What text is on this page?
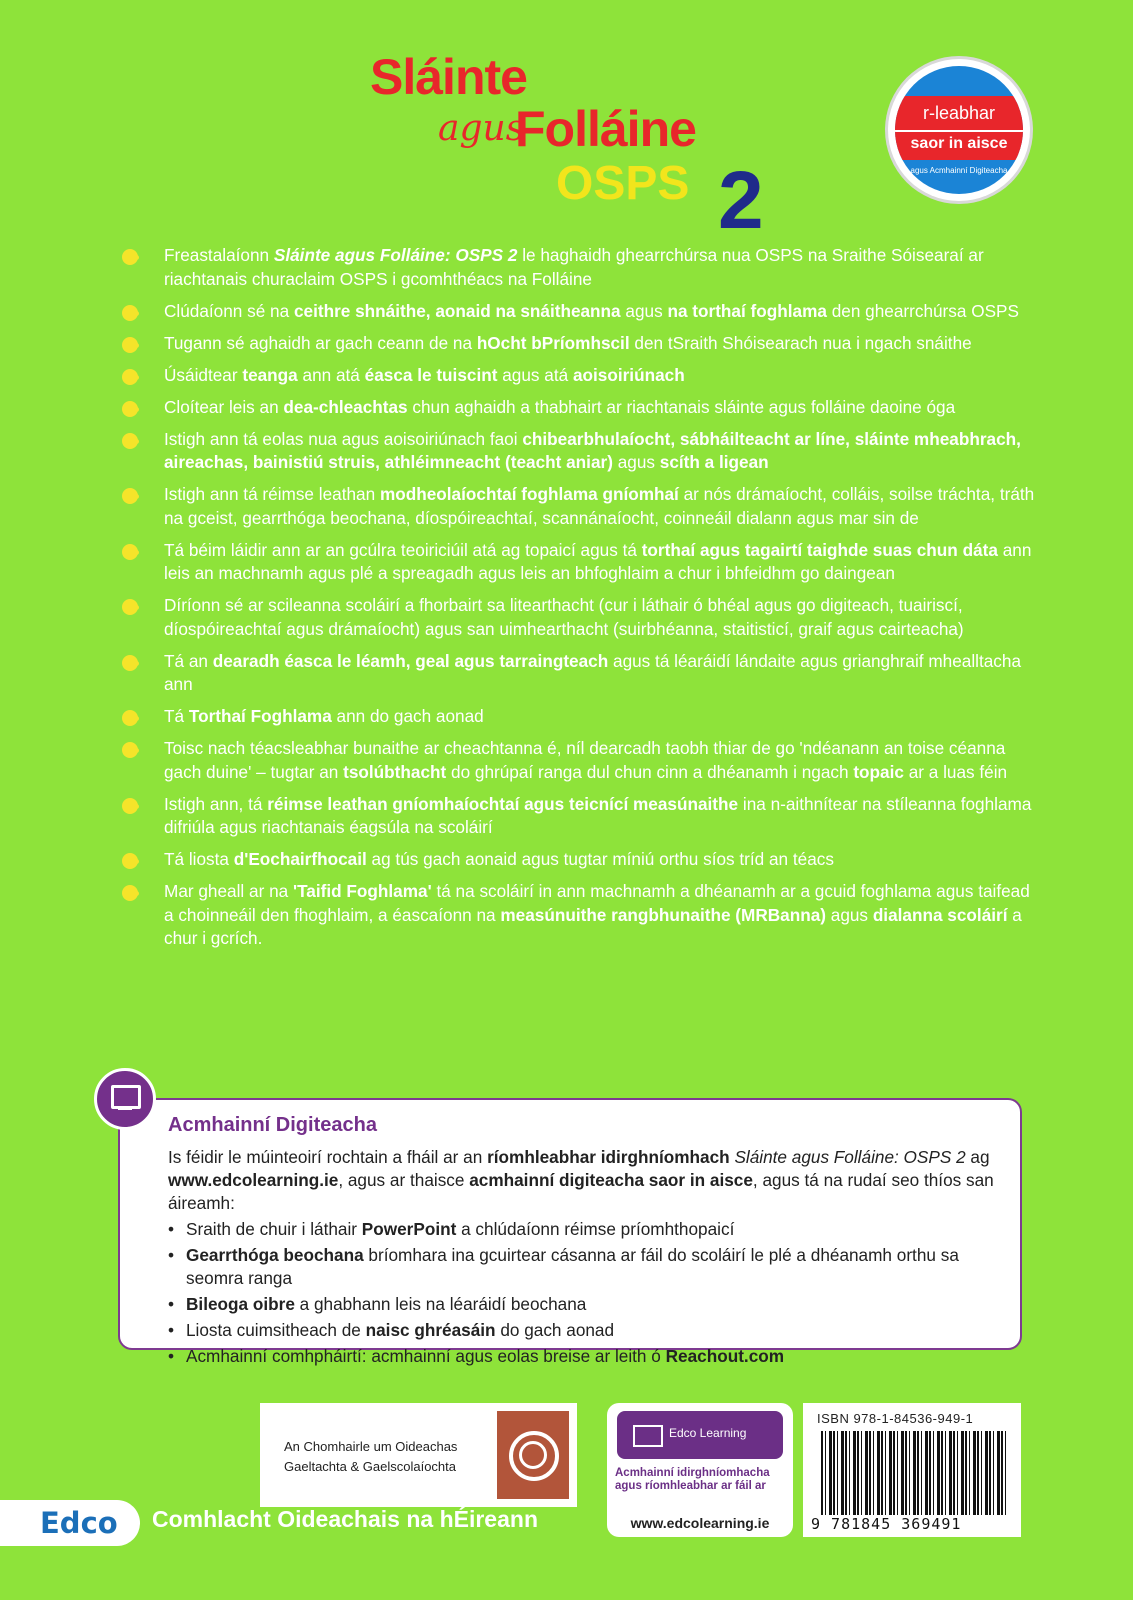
Sláinte
agus
Folláine
OSPS 2
r-leabhar
saor in aisce
agus Acmhainní Digiteacha
Freastalaíonn Sláinte agus Folláine: OSPS 2 le haghaidh ghearrchúrsa nua OSPS na Sraithe Sóisearaí ar riachtanais churaclaim OSPS i gcomhthéacs na Folláine
Clúdaíonn sé na ceithre shnáithe, aonaid na snáitheanna agus na torthaí foghlama den ghearrchúrsa OSPS
Tugann sé aghaidh ar gach ceann de na hOcht bPríomhscil den tSraith Shóisearach nua i ngach snáithe
Úsáidtear teanga ann atá éasca le tuiscint agus atá aoisoiriúnach
Cloítear leis an dea-chleachtas chun aghaidh a thabhairt ar riachtanais sláinte agus folláine daoine óga
Istigh ann tá eolas nua agus aoisoiriúnach faoi chibearbhulaíocht, sábháilteacht ar líne, sláinte mheabhrach, aireachas, bainistiú struis, athléimneacht (teacht aniar) agus scíth a ligean
Istigh ann tá réimse leathan modheolaíochtaí foghlama gníomhaí ar nós drámaíocht, colláis, soilse tráchta, tráth na gceist, gearrthóga beochana, díospóireachtaí, scannánaíocht, coinneáil dialann agus mar sin de
Tá béim láidir ann ar an gcúlra teoiriciúil atá ag topaicí agus tá torthaí agus tagairtí taighde suas chun dáta ann leis an machnamh agus plé a spreagadh agus leis an bhfoghlaim a chur i bhfeidhm go daingean
Díríonn sé ar scileanna scoláirí a fhorbairt sa litearthacht (cur i láthair ó bhéal agus go digiteach, tuairiscí, díospóireachtaí agus drámaíocht) agus san uimhearthacht (suirbhéanna, staitisticí, graif agus cairteacha)
Tá an dearadh éasca le léamh, geal agus tarraingteach agus tá léaráidí lándaite agus grianghraif mhealltacha ann
Tá Torthaí Foghlama ann do gach aonad
Toisc nach téacsleabhar bunaithe ar cheachtanna é, níl dearcadh taobh thiar de go 'ndéanann an toise céanna gach duine' – tugtar an tsolúbthacht do ghrúpaí ranga dul chun cinn a dhéanamh i ngach topaic ar a luas féin
Istigh ann, tá réimse leathan gníomhaíochtaí agus teicnící measúnaithe ina n-aithnítear na stíleanna foghlama difriúla agus riachtanais éagsúla na scoláirí
Tá liosta d'Eochairfhocail ag tús gach aonaid agus tugtar míniú orthu síos tríd an téacs
Mar gheall ar na 'Taifid Foghlama' tá na scoláirí in ann machnamh a dhéanamh ar a gcuid foghlama agus taifead a choinneáil den fhoghlaim, a éascaíonn na measúnuithe rangbhunaithe (MRBanna) agus dialanna scoláirí a chur i gcrích.
Acmhainní Digiteacha
Is féidir le múinteoirí rochtain a fháil ar an ríomhleabhar idirghníomhach Sláinte agus Folláine: OSPS 2 ag www.edcolearning.ie, agus ar thaisce acmhainní digiteacha saor in aisce, agus tá na rudaí seo thíos san áireamh:
• Sraith de chuir i láthair PowerPoint a chlúdaíonn réimse príomhthopaicí
• Gearrthóga beochana bríomhara ina gcuirtear cásanna ar fáil do scoláirí le plé a dhéanamh orthu sa seomra ranga
• Bileoga oibre a ghabhann leis na léaráidí beochana
• Liosta cuimsitheach de naisc ghréasáin do gach aonad
• Acmhainní comhpháirtí: acmhainní agus eolas breise ar leith ó Reachout.com
An Chomhairle um Oideachas
Gaeltachta & Gaelscolaíochta
Edco Learning
Acmhainní idirghníomhacha agus ríomhleabhar ar fáil ar
www.edcolearning.ie
ISBN 978-1-84536-949-1
9 781845 369491
Edco Comhlacht Oideachais na hÉireann
